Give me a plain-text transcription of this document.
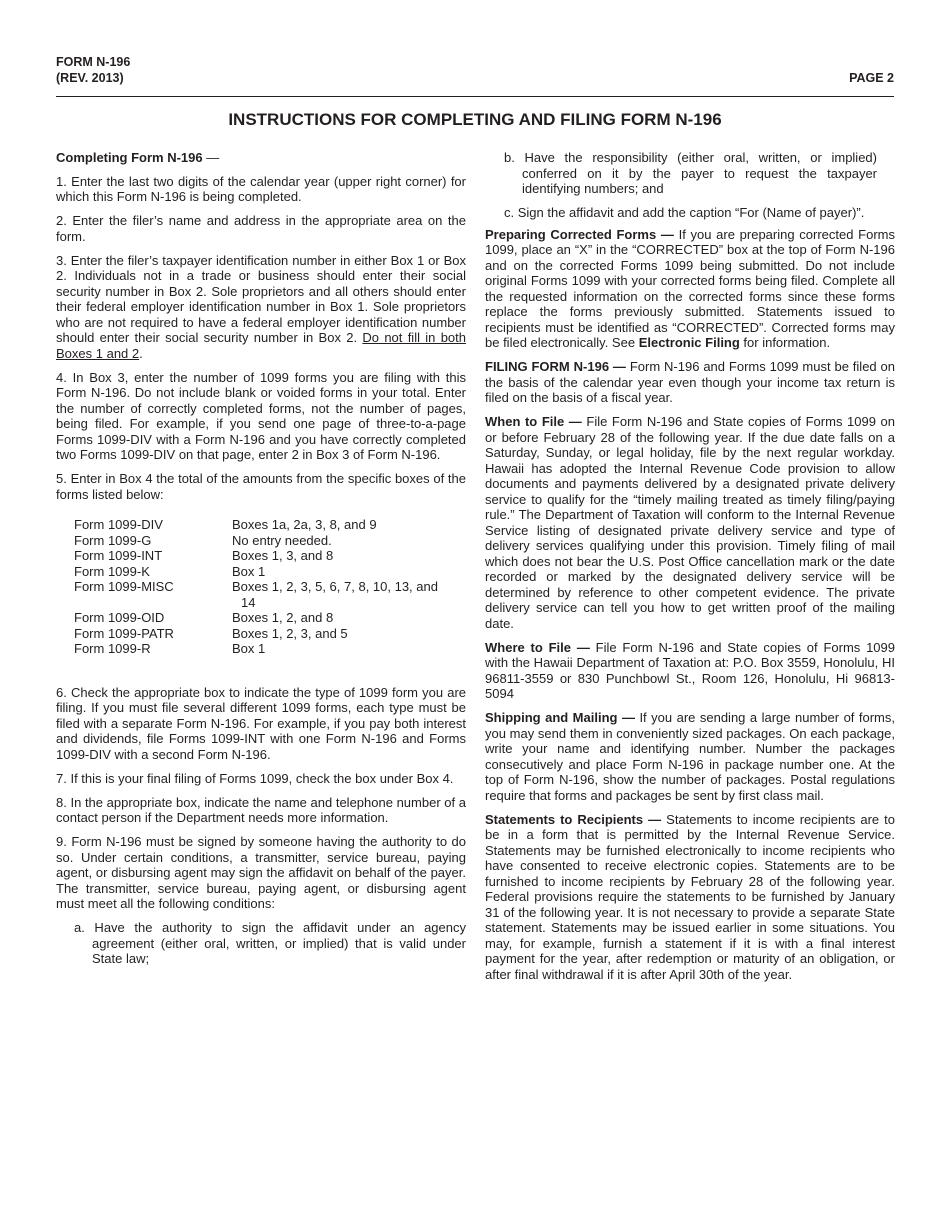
FORM N-196
(REV. 2013)	PAGE 2
INSTRUCTIONS FOR COMPLETING AND FILING FORM N-196

Completing Form N-196 —

1. Enter the last two digits of the calendar year (upper right corner) for which this Form N-196 is being completed.

2. Enter the filer’s name and address in the appropriate area on the form.

3. Enter the filer’s taxpayer identification number in either Box 1 or Box 2. Individuals not in a trade or business should enter their social security number in Box 2. Sole proprietors and all others should enter their federal employer identification number in Box 1. Sole proprietors who are not required to have a federal employer identification number should enter their social security number in Box 2. Do not fill in both Boxes 1 and 2.

4. In Box 3, enter the number of 1099 forms you are filing with this Form N-196. Do not include blank or voided forms in your total. Enter the number of correctly completed forms, not the number of pages, being filed. For example, if you send one page of three-to-a-page Forms 1099-DIV with a Form N-196 and you have correctly completed two Forms 1099-DIV on that page, enter 2 in Box 3 of Form N-196.

5. Enter in Box 4 the total of the amounts from the specific boxes of the forms listed below:

Form 1099-DIV	Boxes 1a, 2a, 3, 8, and 9
Form 1099-G	No entry needed.
Form 1099-INT	Boxes 1, 3, and 8
Form 1099-K	Box 1
Form 1099-MISC	Boxes 1, 2, 3, 5, 6, 7, 8, 10, 13, and
14

Form 1099-OID	Boxes 1, 2, and 8
Form 1099-PATR	Boxes 1, 2, 3, and 5
Form 1099-R	Box 1

6. Check the appropriate box to indicate the type of 1099 form you are filing. If you must file several different 1099 forms, each type must be filed with a separate Form N-196. For example, if you pay both interest and dividends, file Forms 1099-INT with one Form N-196 and Forms 1099-DIV with a second Form N-196.

7. If this is your final filing of Forms 1099, check the box under Box 4.

8. In the appropriate box, indicate the name and telephone number of a contact person if the Department needs more information.

9. Form N-196 must be signed by someone having the authority to do so. Under certain conditions, a transmitter, service bureau, paying agent, or disbursing agent may sign the affidavit on behalf of the payer. The transmitter, service bureau, paying agent, or disbursing agent must meet all the following conditions:

a. Have the authority to sign the affidavit under an agency agreement (either oral, written, or implied) that is valid under State law;

b. Have the responsibility (either oral, written, or implied) conferred on it by the payer to request the taxpayer identifying numbers; and

c. Sign the affidavit and add the caption “For (Name of payer)”.

Preparing Corrected Forms — If you are preparing corrected Forms 1099, place an “X” in the “CORRECTED” box at the top of Form N-196 and on the corrected Forms 1099 being submitted. Do not include original Forms 1099 with your corrected forms being filed. Complete all the requested information on the corrected forms since these forms replace the forms previously submitted. Statements issued to recipients must be identified as “CORRECTED”. Corrected forms may be filed electronically. See Electronic Filing for information.

FILING FORM N-196 — Form N-196 and Forms 1099 must be filed on the basis of the calendar year even though your income tax return is filed on the basis of a fiscal year.

When to File — File Form N-196 and State copies of Forms 1099 on or before February 28 of the following year. If the due date falls on a Saturday, Sunday, or legal holiday, file by the next regular workday. Hawaii has adopted the Internal Revenue Code provision to allow documents and payments delivered by a designated private delivery service to qualify for the “timely mailing treated as timely filing/paying rule.” The Department of Taxation will conform to the Internal Revenue Service listing of designated private delivery service and type of delivery services qualifying under this provision. Timely filing of mail which does not bear the U.S. Post Office cancellation mark or the date recorded or marked by the designated delivery service will be determined by reference to other competent evidence. The private delivery service can tell you how to get written proof of the mailing date.

Where to File — File Form N-196 and State copies of Forms 1099 with the Hawaii Department of Taxation at: P.O. Box 3559, Honolulu, HI 96811-3559 or 830 Punchbowl St., Room 126, Honolulu, Hi 96813-5094

Shipping and Mailing — If you are sending a large number of forms, you may send them in conveniently sized packages. On each package, write your name and identifying number. Number the packages consecutively and place Form N-196 in package number one. At the top of Form N-196, show the number of packages. Postal regulations require that forms and packages be sent by first class mail.

Statements to Recipients — Statements to income recipients are to be in a form that is permitted by the Internal Revenue Service. Statements may be furnished electronically to income recipients who have consented to receive electronic copies. Statements are to be furnished to income recipients by February 28 of the following year. Federal provisions require the statements to be furnished by January 31 of the following year. It is not necessary to provide a separate State statement. Statements may be issued earlier in some situations. You may, for example, furnish a statement if it is with a final interest payment for the year, after redemption or maturity of an obligation, or after final withdrawal if it is after April 30th of the year.
